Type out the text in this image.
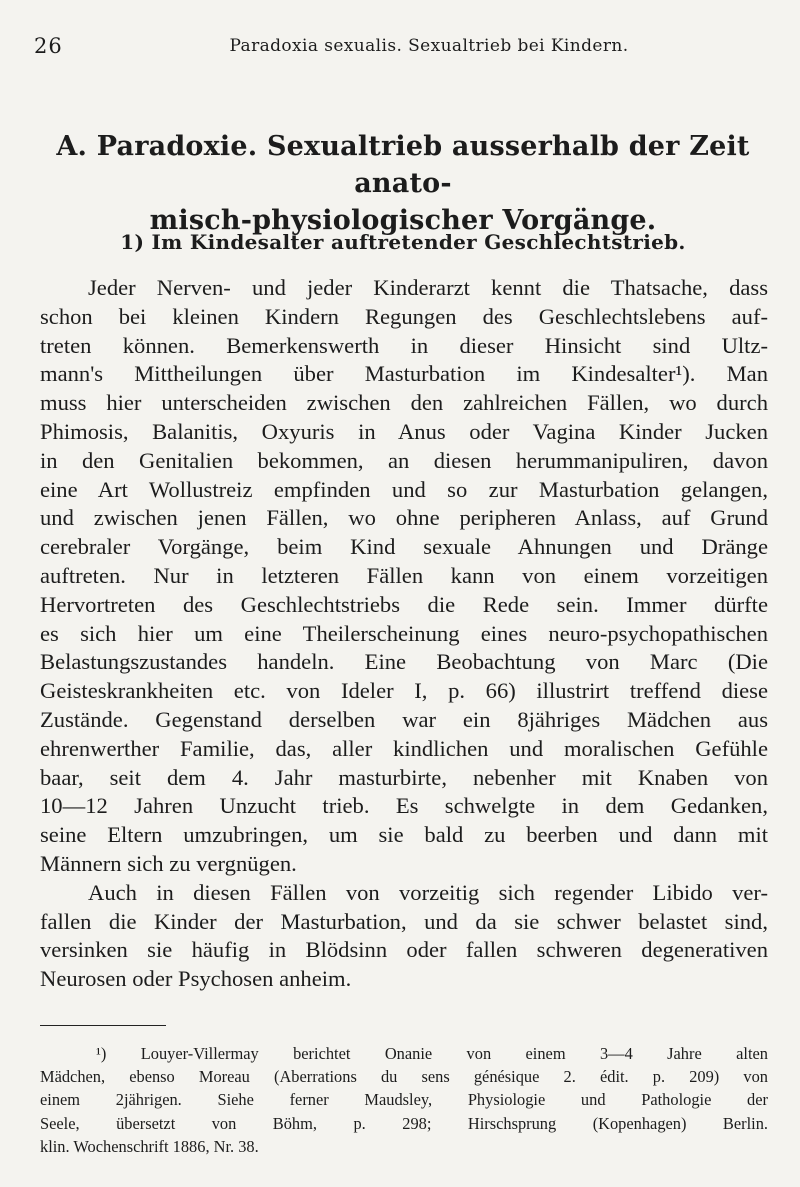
26	Paradoxia sexualis. Sexualtrieb bei Kindern.
A. Paradoxie. Sexualtrieb ausserhalb der Zeit anato-
misch-physiologischer Vorgänge.
1) Im Kindesalter auftretender Geschlechtstrieb.
Jeder Nerven- und jeder Kinderarzt kennt die Thatsache, dass
schon bei kleinen Kindern Regungen des Geschlechtslebens auf-
treten können. Bemerkenswerth in dieser Hinsicht sind Ultz-
mann's Mittheilungen über Masturbation im Kindesalter¹). Man
muss hier unterscheiden zwischen den zahlreichen Fällen, wo durch
Phimosis, Balanitis, Oxyuris in Anus oder Vagina Kinder Jucken
in den Genitalien bekommen, an diesen herummanipuliren, davon
eine Art Wollustreiz empfinden und so zur Masturbation gelangen,
und zwischen jenen Fällen, wo ohne peripheren Anlass, auf Grund
cerebraler Vorgänge, beim Kind sexuale Ahnungen und Dränge
auftreten. Nur in letzteren Fällen kann von einem vorzeitigen
Hervortreten des Geschlechtstriebs die Rede sein. Immer dürfte
es sich hier um eine Theilerscheinung eines neuro-psychopathischen
Belastungszustandes handeln. Eine Beobachtung von Marc (Die
Geisteskrankheiten etc. von Ideler I, p. 66) illustrirt treffend diese
Zustände. Gegenstand derselben war ein 8jähriges Mädchen aus
ehrenwerther Familie, das, aller kindlichen und moralischen Gefühle
baar, seit dem 4. Jahr masturbirte, nebenher mit Knaben von
10—12 Jahren Unzucht trieb. Es schwelgte in dem Gedanken,
seine Eltern umzubringen, um sie bald zu beerben und dann mit
Männern sich zu vergnügen.
Auch in diesen Fällen von vorzeitig sich regender Libido ver-
fallen die Kinder der Masturbation, und da sie schwer belastet sind,
versinken sie häufig in Blödsinn oder fallen schweren degenerativen
Neurosen oder Psychosen anheim.
¹) Louyer-Villermay berichtet Onanie von einem 3—4 Jahre alten
Mädchen, ebenso Moreau (Aberrations du sens génésique 2. édit. p. 209) von
einem 2jährigen. Siehe ferner Maudsley, Physiologie und Pathologie der
Seele, übersetzt von Böhm, p. 298; Hirschsprung (Kopenhagen) Berlin.
klin. Wochenschrift 1886, Nr. 38.
